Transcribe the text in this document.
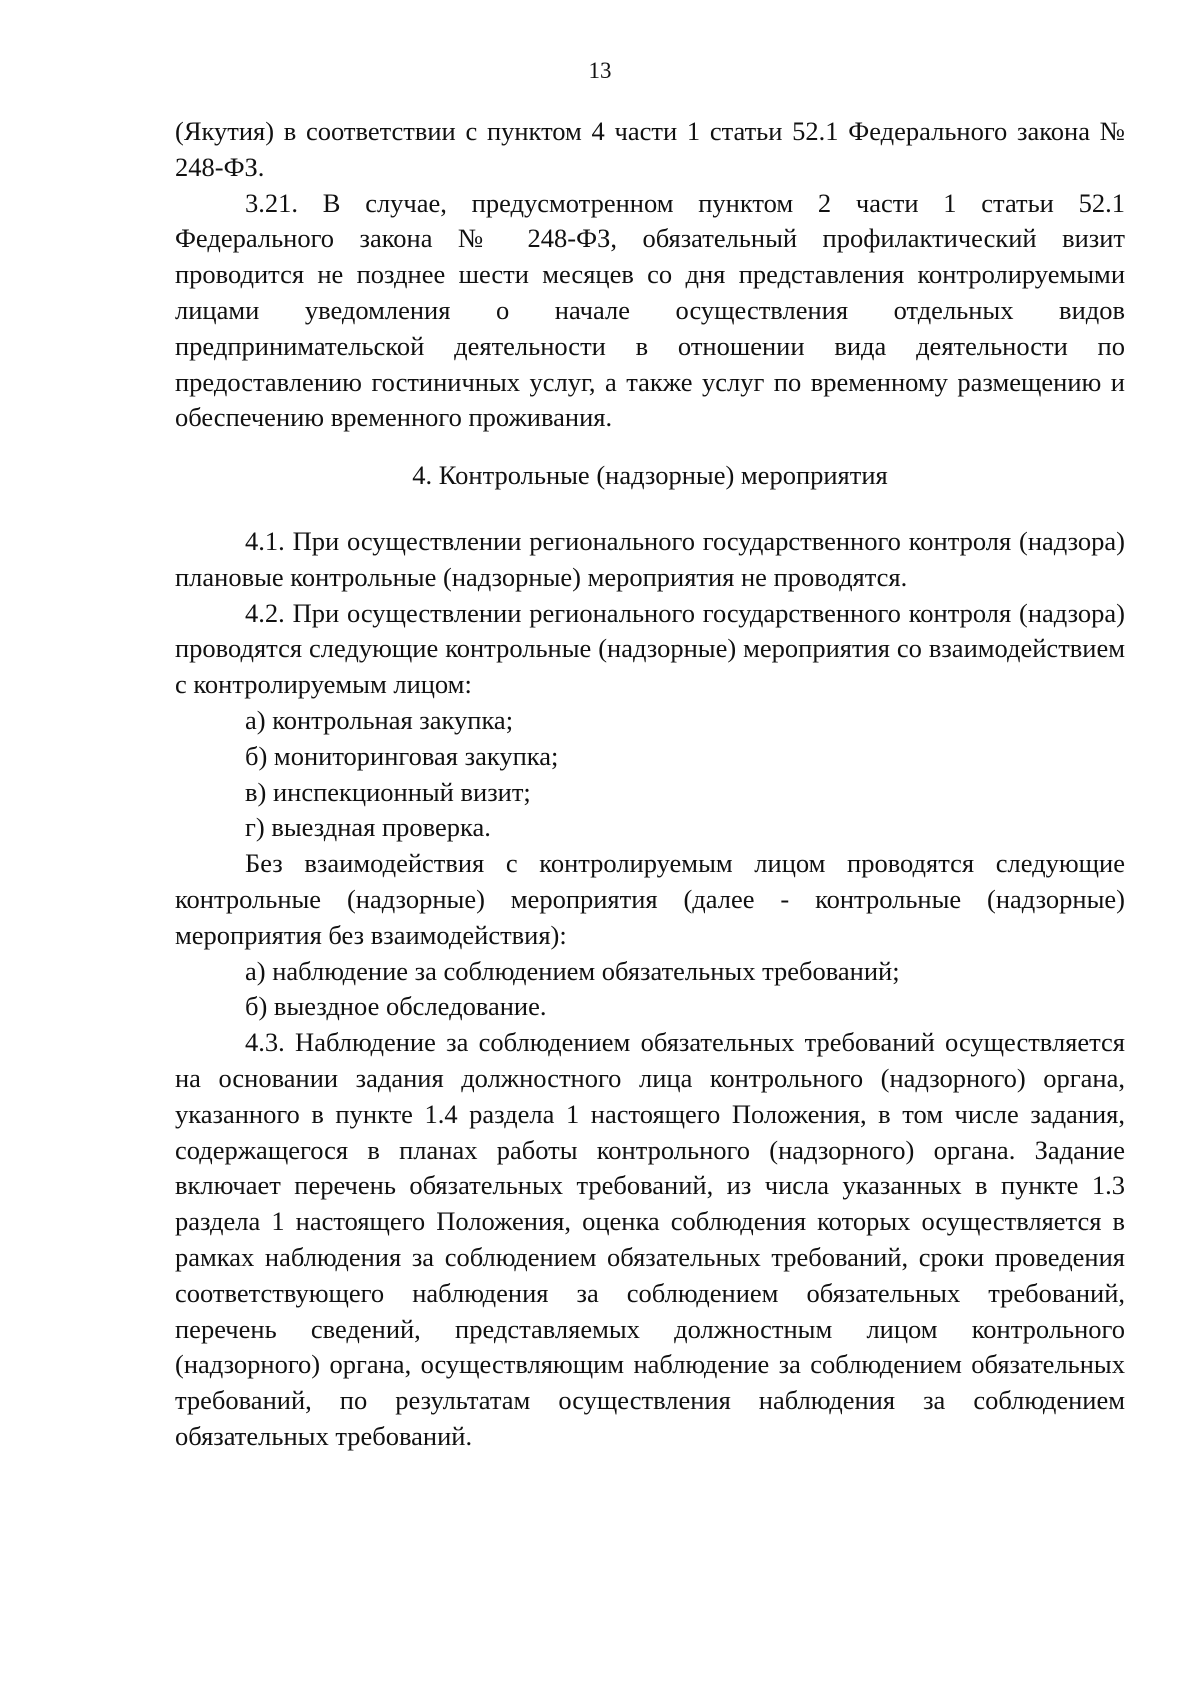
13

(Якутия) в соответствии с пунктом 4 части 1 статьи 52.1 Федерального закона № 248-ФЗ.

3.21. В случае, предусмотренном пунктом 2 части 1 статьи 52.1 Федерального закона № 248-ФЗ, обязательный профилактический визит проводится не позднее шести месяцев со дня представления контролируемыми лицами уведомления о начале осуществления отдельных видов предпринимательской деятельности в отношении вида деятельности по предоставлению гостиничных услуг, а также услуг по временному размещению и обеспечению временного проживания.

4. Контрольные (надзорные) мероприятия

4.1. При осуществлении регионального государственного контроля (надзора) плановые контрольные (надзорные) мероприятия не проводятся.

4.2. При осуществлении регионального государственного контроля (надзора) проводятся следующие контрольные (надзорные) мероприятия со взаимодействием с контролируемым лицом:

а) контрольная закупка;

б) мониторинговая закупка;

в) инспекционный визит;

г) выездная проверка.

Без взаимодействия с контролируемым лицом проводятся следующие контрольные (надзорные) мероприятия (далее - контрольные (надзорные) мероприятия без взаимодействия):

а) наблюдение за соблюдением обязательных требований;

б) выездное обследование.

4.3. Наблюдение за соблюдением обязательных требований осуществляется на основании задания должностного лица контрольного (надзорного) органа, указанного в пункте 1.4 раздела 1 настоящего Положения, в том числе задания, содержащегося в планах работы контрольного (надзорного) органа. Задание включает перечень обязательных требований, из числа указанных в пункте 1.3 раздела 1 настоящего Положения, оценка соблюдения которых осуществляется в рамках наблюдения за соблюдением обязательных требований, сроки проведения соответствующего наблюдения за соблюдением обязательных требований, перечень сведений, представляемых должностным лицом контрольного (надзорного) органа, осуществляющим наблюдение за соблюдением обязательных требований, по результатам осуществления наблюдения за соблюдением обязательных требований.
